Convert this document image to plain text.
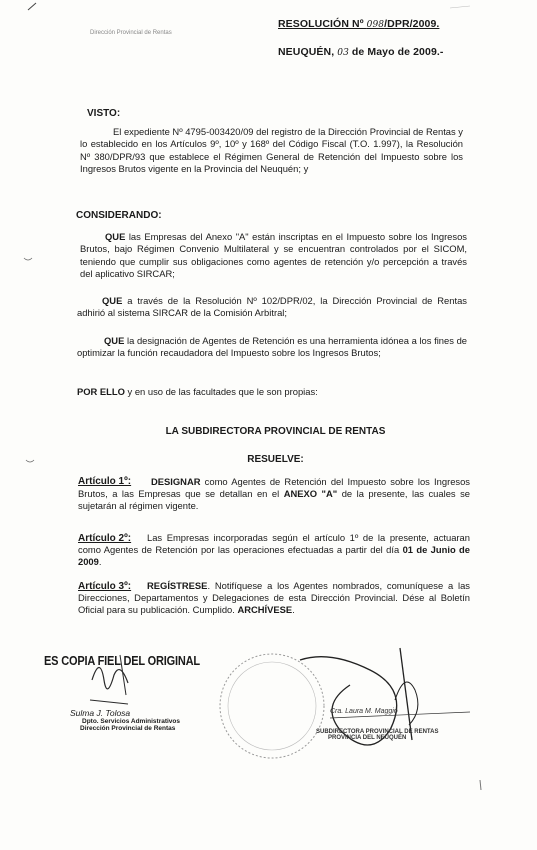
Dirección Provincial de Rentas
RESOLUCIÓN Nº 098/DPR/2009.
NEUQUÉN, 03 de Mayo de 2009.-
VISTO:
El expediente Nº 4795-003420/09 del registro de la Dirección Provincial de Rentas y lo establecido en los Artículos 9º, 10º y 168º del Código Fiscal (T.O. 1.997), la Resolución Nº 380/DPR/93 que establece el Régimen General de Retención del Impuesto sobre los Ingresos Brutos vigente en la Provincia del Neuquén; y
CONSIDERANDO:
QUE las Empresas del Anexo "A" están inscriptas en el Impuesto sobre los Ingresos Brutos, bajo Régimen Convenio Multilateral y se encuentran controlados por el SICOM, teniendo que cumplir sus obligaciones como agentes de retención y/o percepción a través del aplicativo SIRCAR;
QUE a través de la Resolución Nº 102/DPR/02, la Dirección Provincial de Rentas adhirió al sistema SIRCAR de la Comisión Arbitral;
QUE la designación de Agentes de Retención es una herramienta idónea a los fines de optimizar la función recaudadora del Impuesto sobre los Ingresos Brutos;
POR ELLO y en uso de las facultades que le son propias:
LA SUBDIRECTORA PROVINCIAL DE RENTAS
RESUELVE:
Artículo 1º:	DESIGNAR como Agentes de Retención del Impuesto sobre los Ingresos Brutos, a las Empresas que se detallan en el ANEXO "A" de la presente, las cuales se sujetarán al régimen vigente.
Artículo 2º:	Las Empresas incorporadas según el artículo 1º de la presente, actuaran como Agentes de Retención por las operaciones efectuadas a partir del día 01 de Junio de 2009.
Artículo 3º:	REGÍSTRESE. Notifíquese a los Agentes nombrados, comuníquese a las Direcciones, Departamentos y Delegaciones de esta Dirección Provincial. Dése al Boletín Oficial para su publicación. Cumplido. ARCHÍVESE.
ES COPIA FIEL DEL ORIGINAL
Sulma J. Tolosa
Dpto. Servicios Administrativos
Dirección Provincial de Rentas
Cra. Laura M. Maggio
SUBDIRECTORA PROVINCIAL DE RENTAS
PROVINCIA DEL NEUQUÉN
